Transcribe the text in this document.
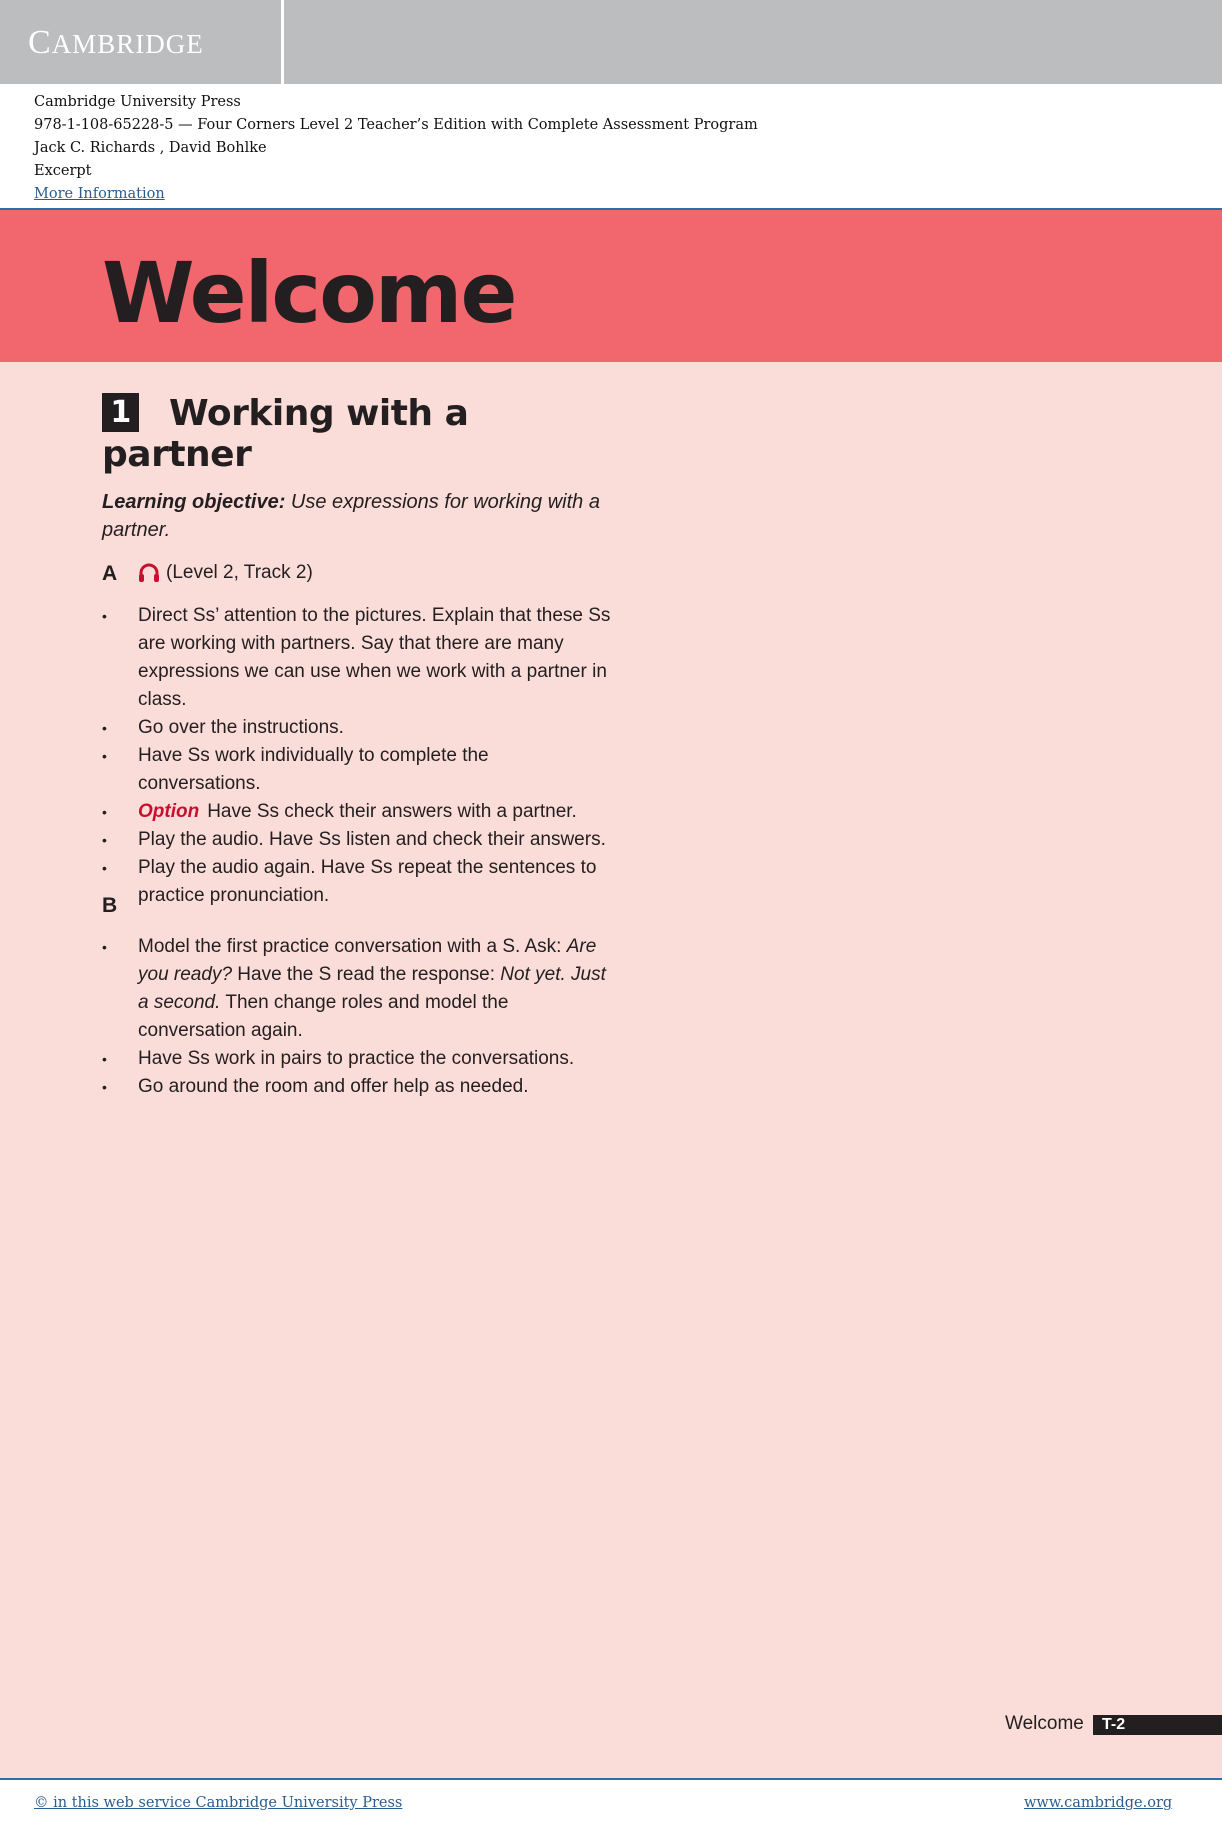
CAMBRIDGE
Cambridge University Press
978-1-108-65228-5 — Four Corners Level 2 Teacher’s Edition with Complete Assessment Program
Jack C. Richards , David Bohlke
Excerpt
More Information
Welcome
1 Working with a partner
Learning objective: Use expressions for working with a partner.
A	(Level 2, Track 2)
• Direct Ss’ attention to the pictures. Explain that these Ss are working with partners. Say that there are many expressions we can use when we work with a partner in class.
• Go over the instructions.
• Have Ss work individually to complete the conversations.
• Option Have Ss check their answers with a partner.
• Play the audio. Have Ss listen and check their answers.
• Play the audio again. Have Ss repeat the sentences to practice pronunciation.
B
• Model the first practice conversation with a S. Ask: Are you ready? Have the S read the response: Not yet. Just a second. Then change roles and model the conversation again.
• Have Ss work in pairs to practice the conversations.
• Go around the room and offer help as needed.
Welcome	T-2
© in this web service Cambridge University Press	www.cambridge.org
